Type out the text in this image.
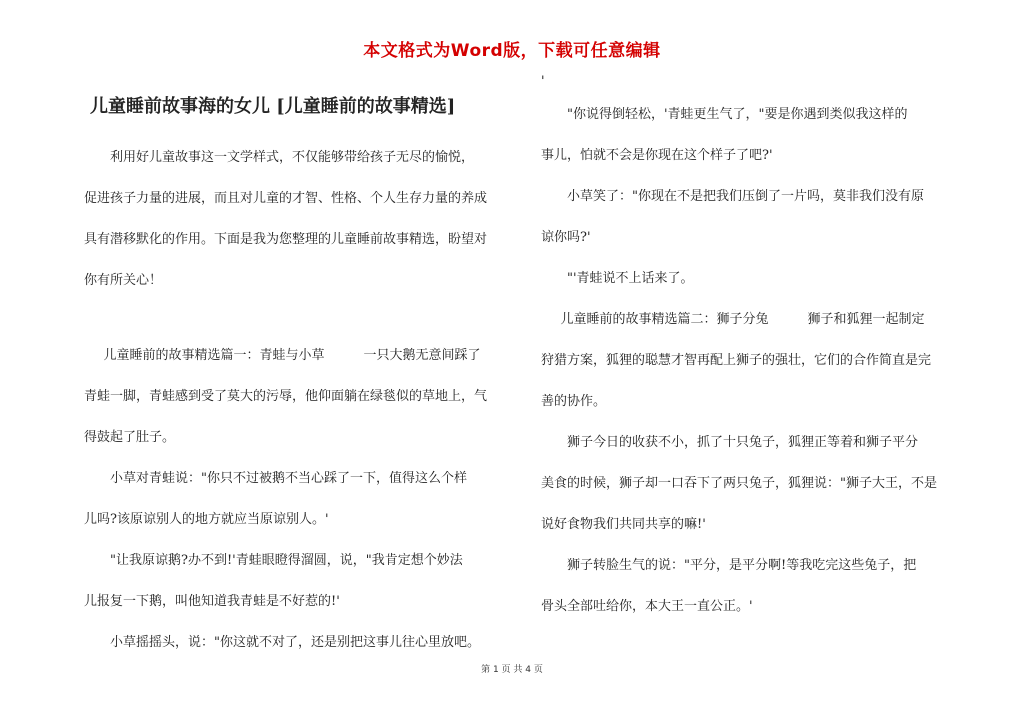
本文格式为Word版，下载可任意编辑
儿童睡前故事海的女儿 [儿童睡前的故事精选]

利用好儿童故事这一文学样式，不仅能够带给孩子无尽的愉悦，

促进孩子力量的进展，而且对儿童的才智、性格、个人生存力量的养成

具有潜移默化的作用。下面是我为您整理的儿童睡前故事精选，盼望对

你有所关心！

儿童睡前的故事精选篇一：青蛙与小草　　　一只大鹅无意间踩了

青蛙一脚，青蛙感到受了莫大的污辱，他仰面躺在绿毯似的草地上，气

得鼓起了肚子。

小草对青蛙说："你只不过被鹅不当心踩了一下，值得这么个样

儿吗?该原谅别人的地方就应当原谅别人。'

"让我原谅鹅?办不到!'青蛙眼瞪得溜圆，说，"我肯定想个妙法

儿报复一下鹅，叫他知道我青蛙是不好惹的!'

小草摇摇头，说："你这就不对了，还是别把这事儿往心里放吧。

'

"你说得倒轻松，'青蛙更生气了，"要是你遇到类似我这样的

事儿，怕就不会是你现在这个样子了吧?'

小草笑了："你现在不是把我们压倒了一片吗，莫非我们没有原

谅你吗?'

"'青蛙说不上话来了。

儿童睡前的故事精选篇二：狮子分兔　　　狮子和狐狸一起制定

狩猎方案，狐狸的聪慧才智再配上狮子的强壮，它们的合作简直是完

善的协作。

狮子今日的收获不小，抓了十只兔子，狐狸正等着和狮子平分

美食的时候，狮子却一口吞下了两只兔子，狐狸说："狮子大王，不是

说好食物我们共同共享的嘛!'

狮子转脸生气的说："平分，是平分啊!等我吃完这些兔子，把

骨头全部吐给你，本大王一直公正。'

第 1 页 共 4 页
